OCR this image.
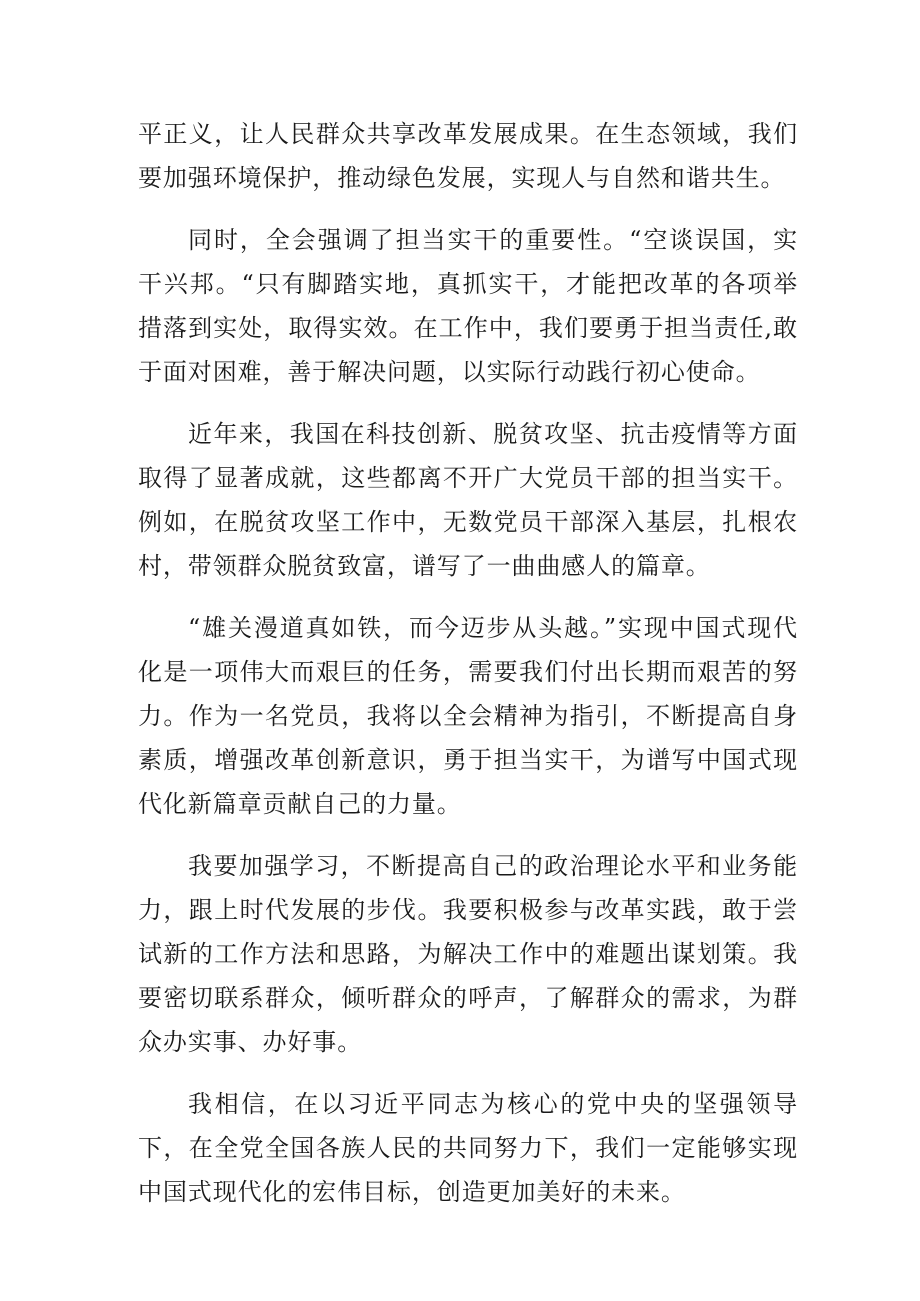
平正义，让人民群众共享改革发展成果。在生态领域，我们要加强环境保护，推动绿色发展，实现人与自然和谐共生。

同时，全会强调了担当实干的重要性。“空谈误国，实干兴邦。“只有脚踏实地，真抓实干，才能把改革的各项举措落到实处，取得实效。在工作中，我们要勇于担当责任,敢于面对困难，善于解决问题，以实际行动践行初心使命。

近年来，我国在科技创新、脱贫攻坚、抗击疫情等方面取得了显著成就，这些都离不开广大党员干部的担当实干。例如，在脱贫攻坚工作中，无数党员干部深入基层，扎根农村，带领群众脱贫致富，谱写了一曲曲感人的篇章。

“雄关漫道真如铁，而今迈步从头越。”实现中国式现代化是一项伟大而艰巨的任务，需要我们付出长期而艰苦的努力。作为一名党员，我将以全会精神为指引，不断提高自身素质，增强改革创新意识，勇于担当实干，为谱写中国式现代化新篇章贡献自己的力量。

我要加强学习，不断提高自己的政治理论水平和业务能力，跟上时代发展的步伐。我要积极参与改革实践，敢于尝试新的工作方法和思路，为解决工作中的难题出谋划策。我要密切联系群众，倾听群众的呼声，了解群众的需求，为群众办实事、办好事。

我相信，在以习近平同志为核心的党中央的坚强领导下，在全党全国各族人民的共同努力下，我们一定能够实现中国式现代化的宏伟目标，创造更加美好的未来。
